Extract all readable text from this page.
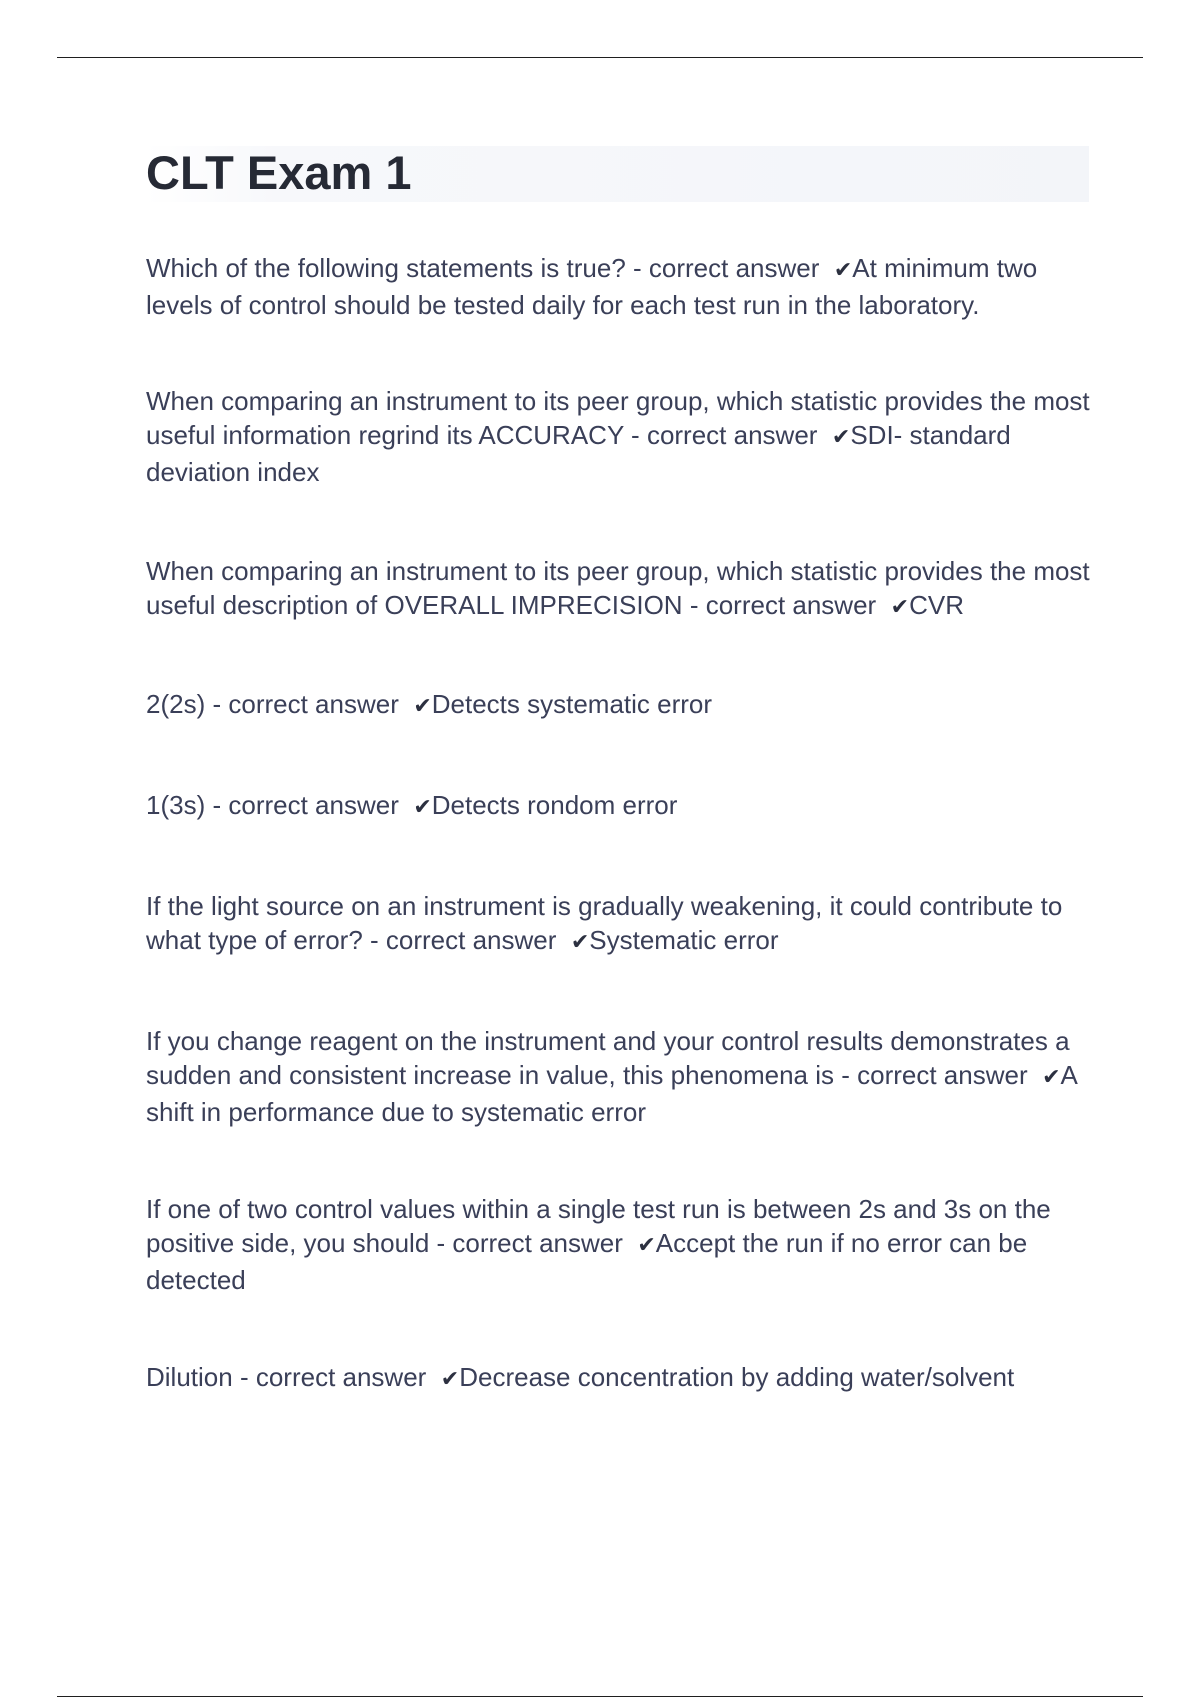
CLT Exam 1

Which of the following statements is true? - correct answer ✔At minimum two levels of control should be tested daily for each test run in the laboratory.

When comparing an instrument to its peer group, which statistic provides the most useful information regrind its ACCURACY - correct answer ✔SDI- standard deviation index

When comparing an instrument to its peer group, which statistic provides the most useful description of OVERALL IMPRECISION - correct answer ✔CVR

2(2s) - correct answer ✔Detects systematic error

1(3s) - correct answer ✔Detects rondom error

If the light source on an instrument is gradually weakening, it could contribute to what type of error? - correct answer ✔Systematic error

If you change reagent on the instrument and your control results demonstrates a sudden and consistent increase in value, this phenomena is - correct answer ✔A shift in performance due to systematic error

If one of two control values within a single test run is between 2s and 3s on the positive side, you should - correct answer ✔Accept the run if no error can be detected

Dilution - correct answer ✔Decrease concentration by adding water/solvent
